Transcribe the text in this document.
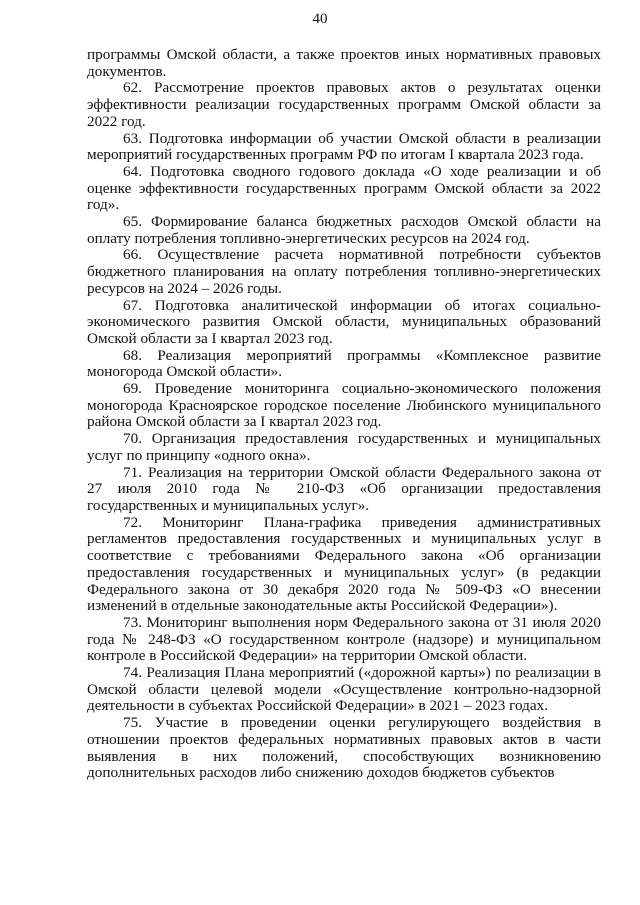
40

программы Омской области, а также проектов иных нормативных правовых документов.

62. Рассмотрение проектов правовых актов о результатах оценки эффективности реализации государственных программ Омской области за 2022 год.

63. Подготовка информации об участии Омской области в реализации мероприятий государственных программ РФ по итогам I квартала 2023 года.

64. Подготовка сводного годового доклада «О ходе реализации и об оценке эффективности государственных программ Омской области за 2022 год».

65. Формирование баланса бюджетных расходов Омской области на оплату потребления топливно-энергетических ресурсов на 2024 год.

66. Осуществление расчета нормативной потребности субъектов бюджетного планирования на оплату потребления топливно-энергетических ресурсов на 2024 – 2026 годы.

67. Подготовка аналитической информации об итогах социально-экономического развития Омской области, муниципальных образований Омской области за I квартал 2023 год.

68. Реализация мероприятий программы «Комплексное развитие моногорода Омской области».

69. Проведение мониторинга социально-экономического положения моногорода Красноярское городское поселение Любинского муниципального района Омской области за I квартал 2023 год.

70. Организация предоставления государственных и муниципальных услуг по принципу «одного окна».

71. Реализация на территории Омской области Федерального закона от 27 июля 2010 года № 210-ФЗ «Об организации предоставления государственных и муниципальных услуг».

72. Мониторинг Плана-графика приведения административных регламентов предоставления государственных и муниципальных услуг в соответствие с требованиями Федерального закона «Об организации предоставления государственных и муниципальных услуг» (в редакции Федерального закона от 30 декабря 2020 года № 509-ФЗ «О внесении изменений в отдельные законодательные акты Российской Федерации»).

73. Мониторинг выполнения норм Федерального закона от 31 июля 2020 года № 248-ФЗ «О государственном контроле (надзоре) и муниципальном контроле в Российской Федерации» на территории Омской области.

74. Реализация Плана мероприятий («дорожной карты») по реализации в Омской области целевой модели «Осуществление контрольно-надзорной деятельности в субъектах Российской Федерации» в 2021 – 2023 годах.

75. Участие в проведении оценки регулирующего воздействия в отношении проектов федеральных нормативных правовых актов в части выявления в них положений, способствующих возникновению дополнительных расходов либо снижению доходов бюджетов субъектов
